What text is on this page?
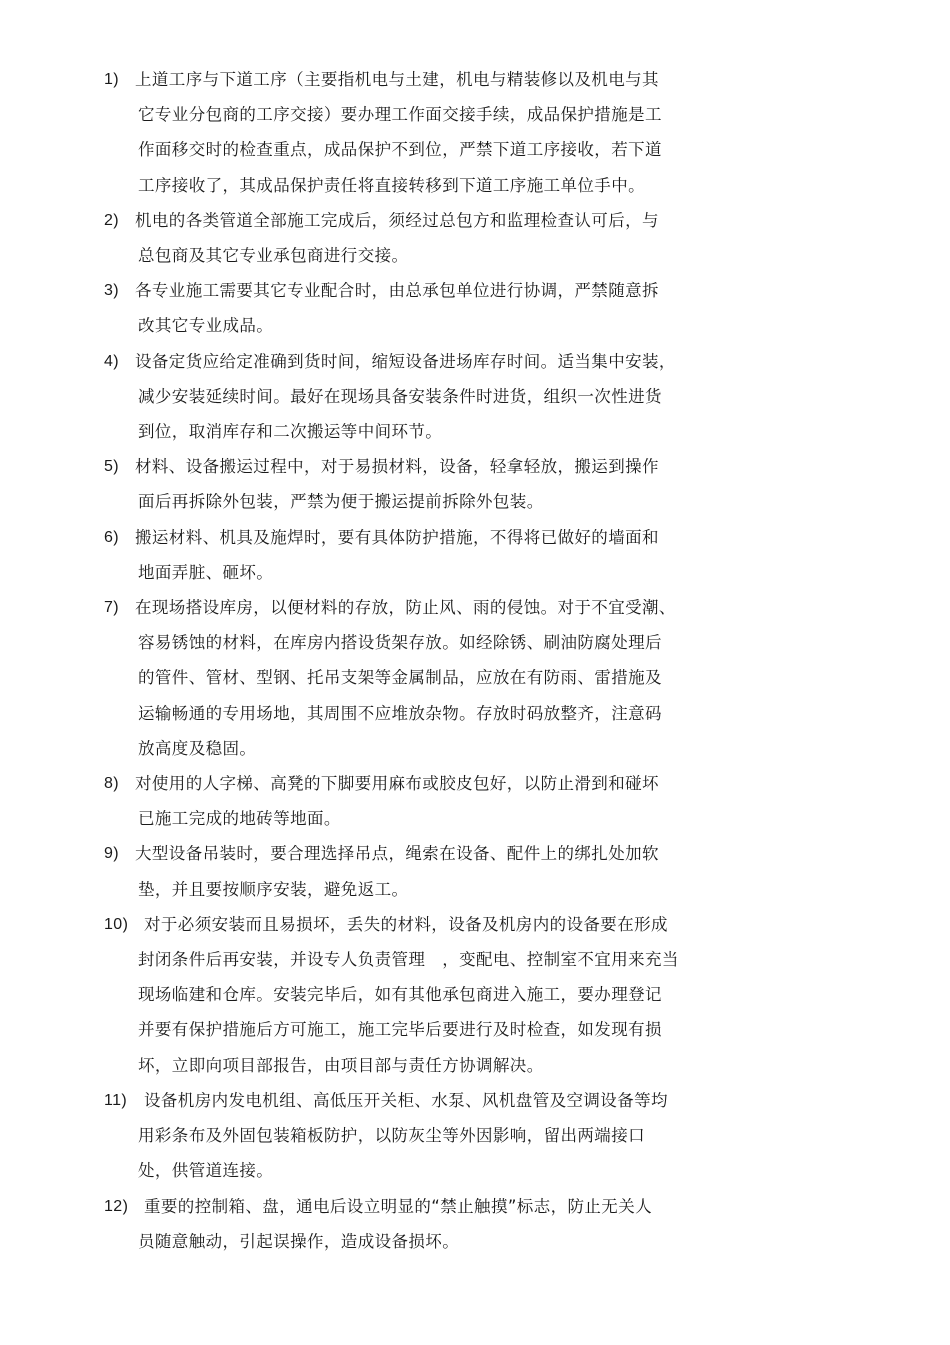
1) 上道工序与下道工序（主要指机电与土建，机电与精装修以及机电与其
它专业分包商的工序交接）要办理工作面交接手续，成品保护措施是工
作面移交时的检查重点，成品保护不到位，严禁下道工序接收，若下道
工序接收了，其成品保护责任将直接转移到下道工序施工单位手中。
2) 机电的各类管道全部施工完成后，须经过总包方和监理检查认可后，与
总包商及其它专业承包商进行交接。
3) 各专业施工需要其它专业配合时，由总承包单位进行协调，严禁随意拆
改其它专业成品。
4) 设备定货应给定准确到货时间，缩短设备进场库存时间。适当集中安装，
减少安装延续时间。最好在现场具备安装条件时进货，组织一次性进货
到位，取消库存和二次搬运等中间环节。
5) 材料、设备搬运过程中，对于易损材料，设备，轻拿轻放，搬运到操作
面后再拆除外包装，严禁为便于搬运提前拆除外包装。
6) 搬运材料、机具及施焊时，要有具体防护措施，不得将已做好的墙面和
地面弄脏、砸坏。
7) 在现场搭设库房，以便材料的存放，防止风、雨的侵蚀。对于不宜受潮、
容易锈蚀的材料，在库房内搭设货架存放。如经除锈、刷油防腐处理后
的管件、管材、型钢、托吊支架等金属制品，应放在有防雨、雷措施及
运输畅通的专用场地，其周围不应堆放杂物。存放时码放整齐，注意码
放高度及稳固。
8) 对使用的人字梯、高凳的下脚要用麻布或胶皮包好，以防止滑到和碰坏
已施工完成的地砖等地面。
9) 大型设备吊装时，要合理选择吊点，绳索在设备、配件上的绑扎处加软
垫，并且要按顺序安装，避免返工。
10) 对于必须安装而且易损坏，丢失的材料，设备及机房内的设备要在形成
封闭条件后再安装，并设专人负责管理　，变配电、控制室不宜用来充当
现场临建和仓库。安装完毕后，如有其他承包商进入施工，要办理登记
并要有保护措施后方可施工，施工完毕后要进行及时检查，如发现有损
坏，立即向项目部报告，由项目部与责任方协调解决。
11) 设备机房内发电机组、高低压开关柜、水泵、风机盘管及空调设备等均
用彩条布及外固包装箱板防护，以防灰尘等外因影响，留出两端接口
处，供管道连接。
12) 重要的控制箱、盘，通电后设立明显的“禁止触摸”标志，防止无关人
员随意触动，引起误操作，造成设备损坏。
